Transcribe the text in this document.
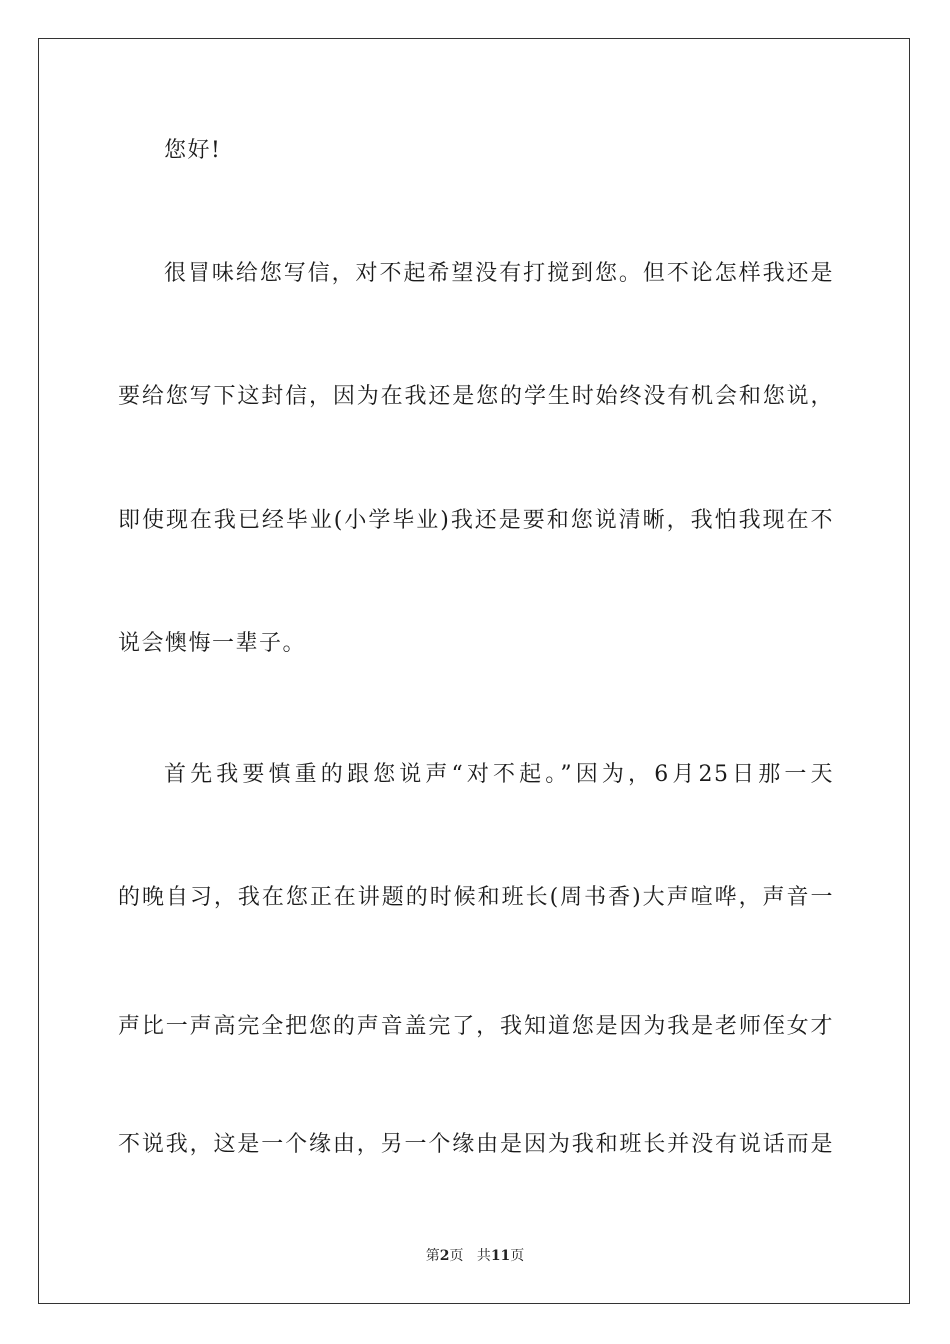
您好!
很冒味给您写信，对不起希望没有打搅到您。但不论怎样我还是
要给您写下这封信，因为在我还是您的学生时始终没有机会和您说，
即使现在我已经毕业(小学毕业)我还是要和您说清晰，我怕我现在不
说会懊悔一辈子。
首先我要慎重的跟您说声“对不起。”因为，6月25日那一天
的晚自习，我在您正在讲题的时候和班长(周书香)大声喧哗，声音一
声比一声高完全把您的声音盖完了，我知道您是因为我是老师侄女才
不说我，这是一个缘由，另一个缘由是因为我和班长并没有说话而是
第2页 共11页
